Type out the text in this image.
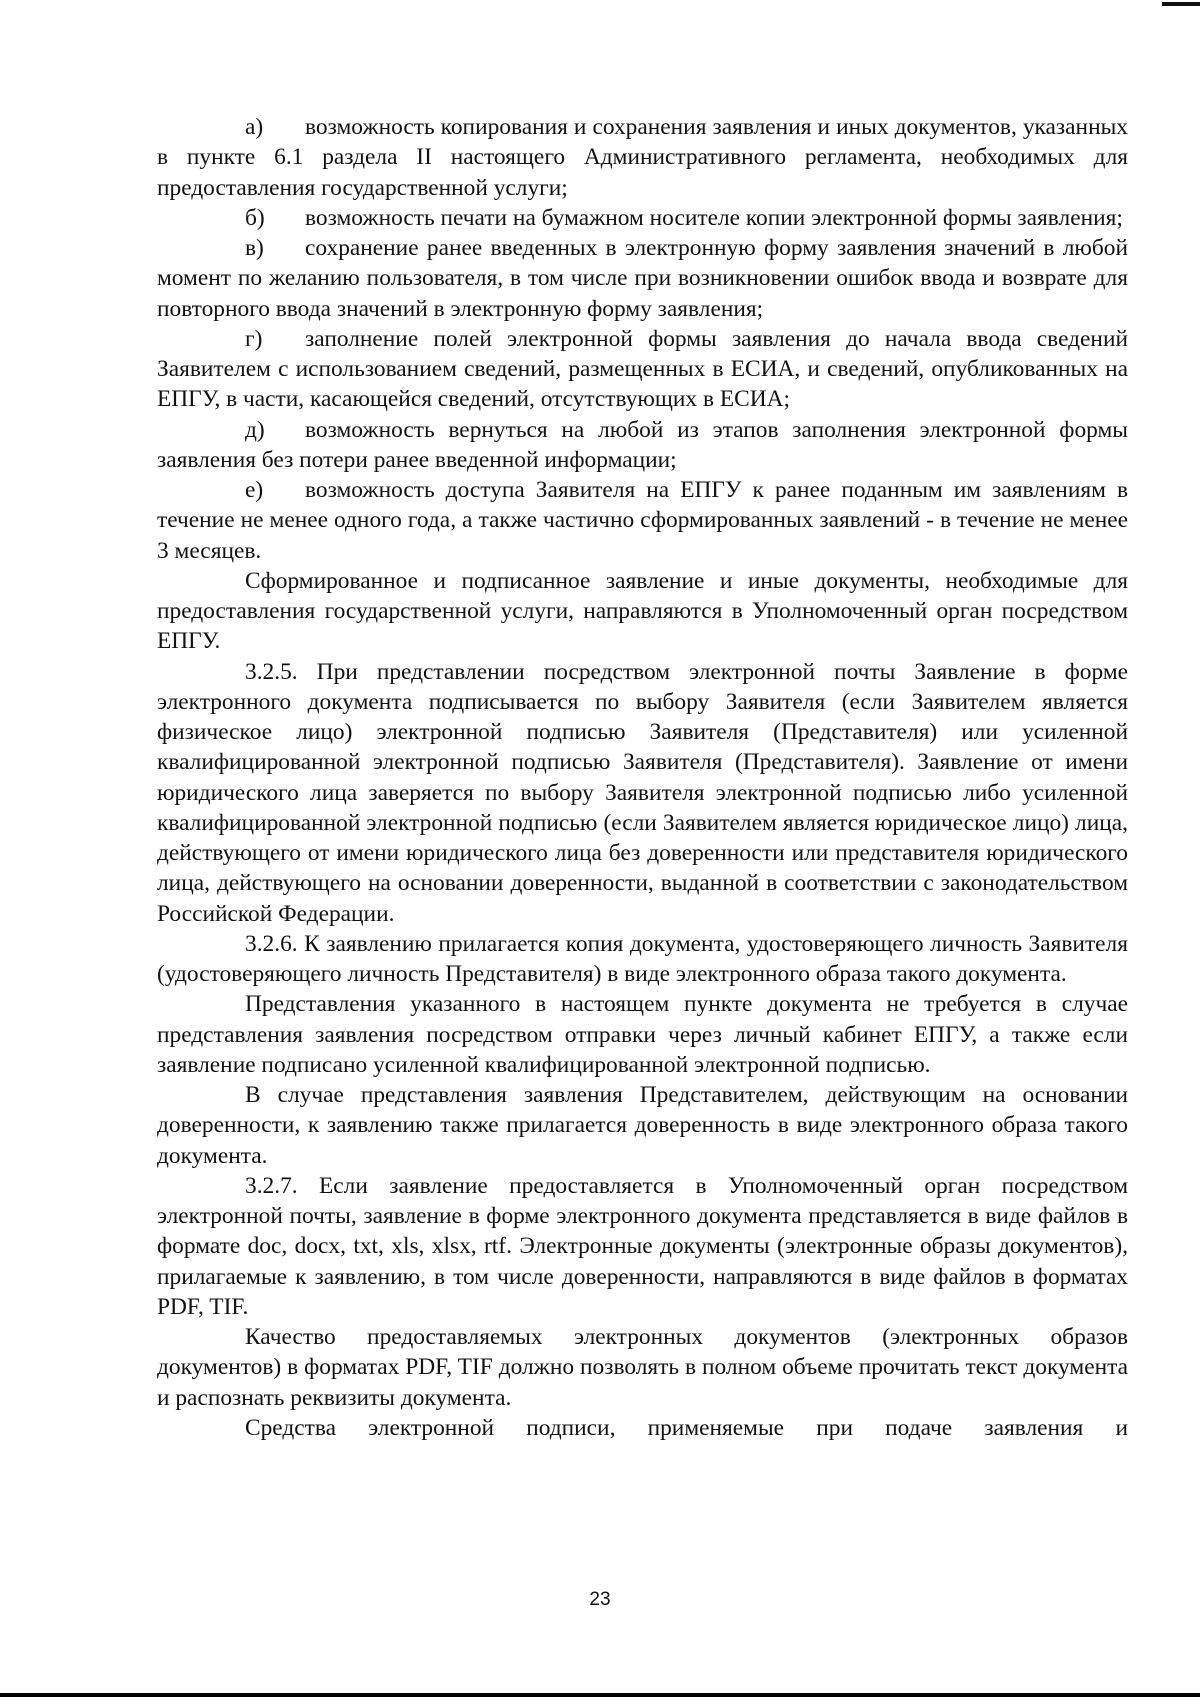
а) возможность копирования и сохранения заявления и иных документов, указанных в пункте 6.1 раздела II настоящего Административного регламента, необходимых для предоставления государственной услуги;

б) возможность печати на бумажном носителе копии электронной формы заявления;

в) сохранение ранее введенных в электронную форму заявления значений в любой момент по желанию пользователя, в том числе при возникновении ошибок ввода и возврате для повторного ввода значений в электронную форму заявления;

г) заполнение полей электронной формы заявления до начала ввода сведений Заявителем с использованием сведений, размещенных в ЕСИА, и сведений, опубликованных на ЕПГУ, в части, касающейся сведений, отсутствующих в ЕСИА;

д) возможность вернуться на любой из этапов заполнения электронной формы заявления без потери ранее введенной информации;

е) возможность доступа Заявителя на ЕПГУ к ранее поданным им заявлениям в течение не менее одного года, а также частично сформированных заявлений - в течение не менее 3 месяцев.

Сформированное и подписанное заявление и иные документы, необходимые для предоставления государственной услуги, направляются в Уполномоченный орган посредством ЕПГУ.

3.2.5. При представлении посредством электронной почты Заявление в форме электронного документа подписывается по выбору Заявителя (если Заявителем является физическое лицо) электронной подписью Заявителя (Представителя) или усиленной квалифицированной электронной подписью Заявителя (Представителя). Заявление от имени юридического лица заверяется по выбору Заявителя электронной подписью либо усиленной квалифицированной электронной подписью (если Заявителем является юридическое лицо) лица, действующего от имени юридического лица без доверенности или представителя юридического лица, действующего на основании доверенности, выданной в соответствии с законодательством Российской Федерации.

3.2.6. К заявлению прилагается копия документа, удостоверяющего личность Заявителя (удостоверяющего личность Представителя) в виде электронного образа такого документа.

Представления указанного в настоящем пункте документа не требуется в случае представления заявления посредством отправки через личный кабинет ЕПГУ, а также если заявление подписано усиленной квалифицированной электронной подписью.

В случае представления заявления Представителем, действующим на основании доверенности, к заявлению также прилагается доверенность в виде электронного образа такого документа.

3.2.7. Если заявление предоставляется в Уполномоченный орган посредством электронной почты, заявление в форме электронного документа представляется в виде файлов в формате doc, docx, txt, xls, xlsx, rtf. Электронные документы (электронные образы документов), прилагаемые к заявлению, в том числе доверенности, направляются в виде файлов в форматах PDF, TIF.

Качество предоставляемых электронных документов (электронных образов документов) в форматах PDF, TIF должно позволять в полном объеме прочитать текст документа и распознать реквизиты документа.

Средства электронной подписи, применяемые при подаче заявления и

23
